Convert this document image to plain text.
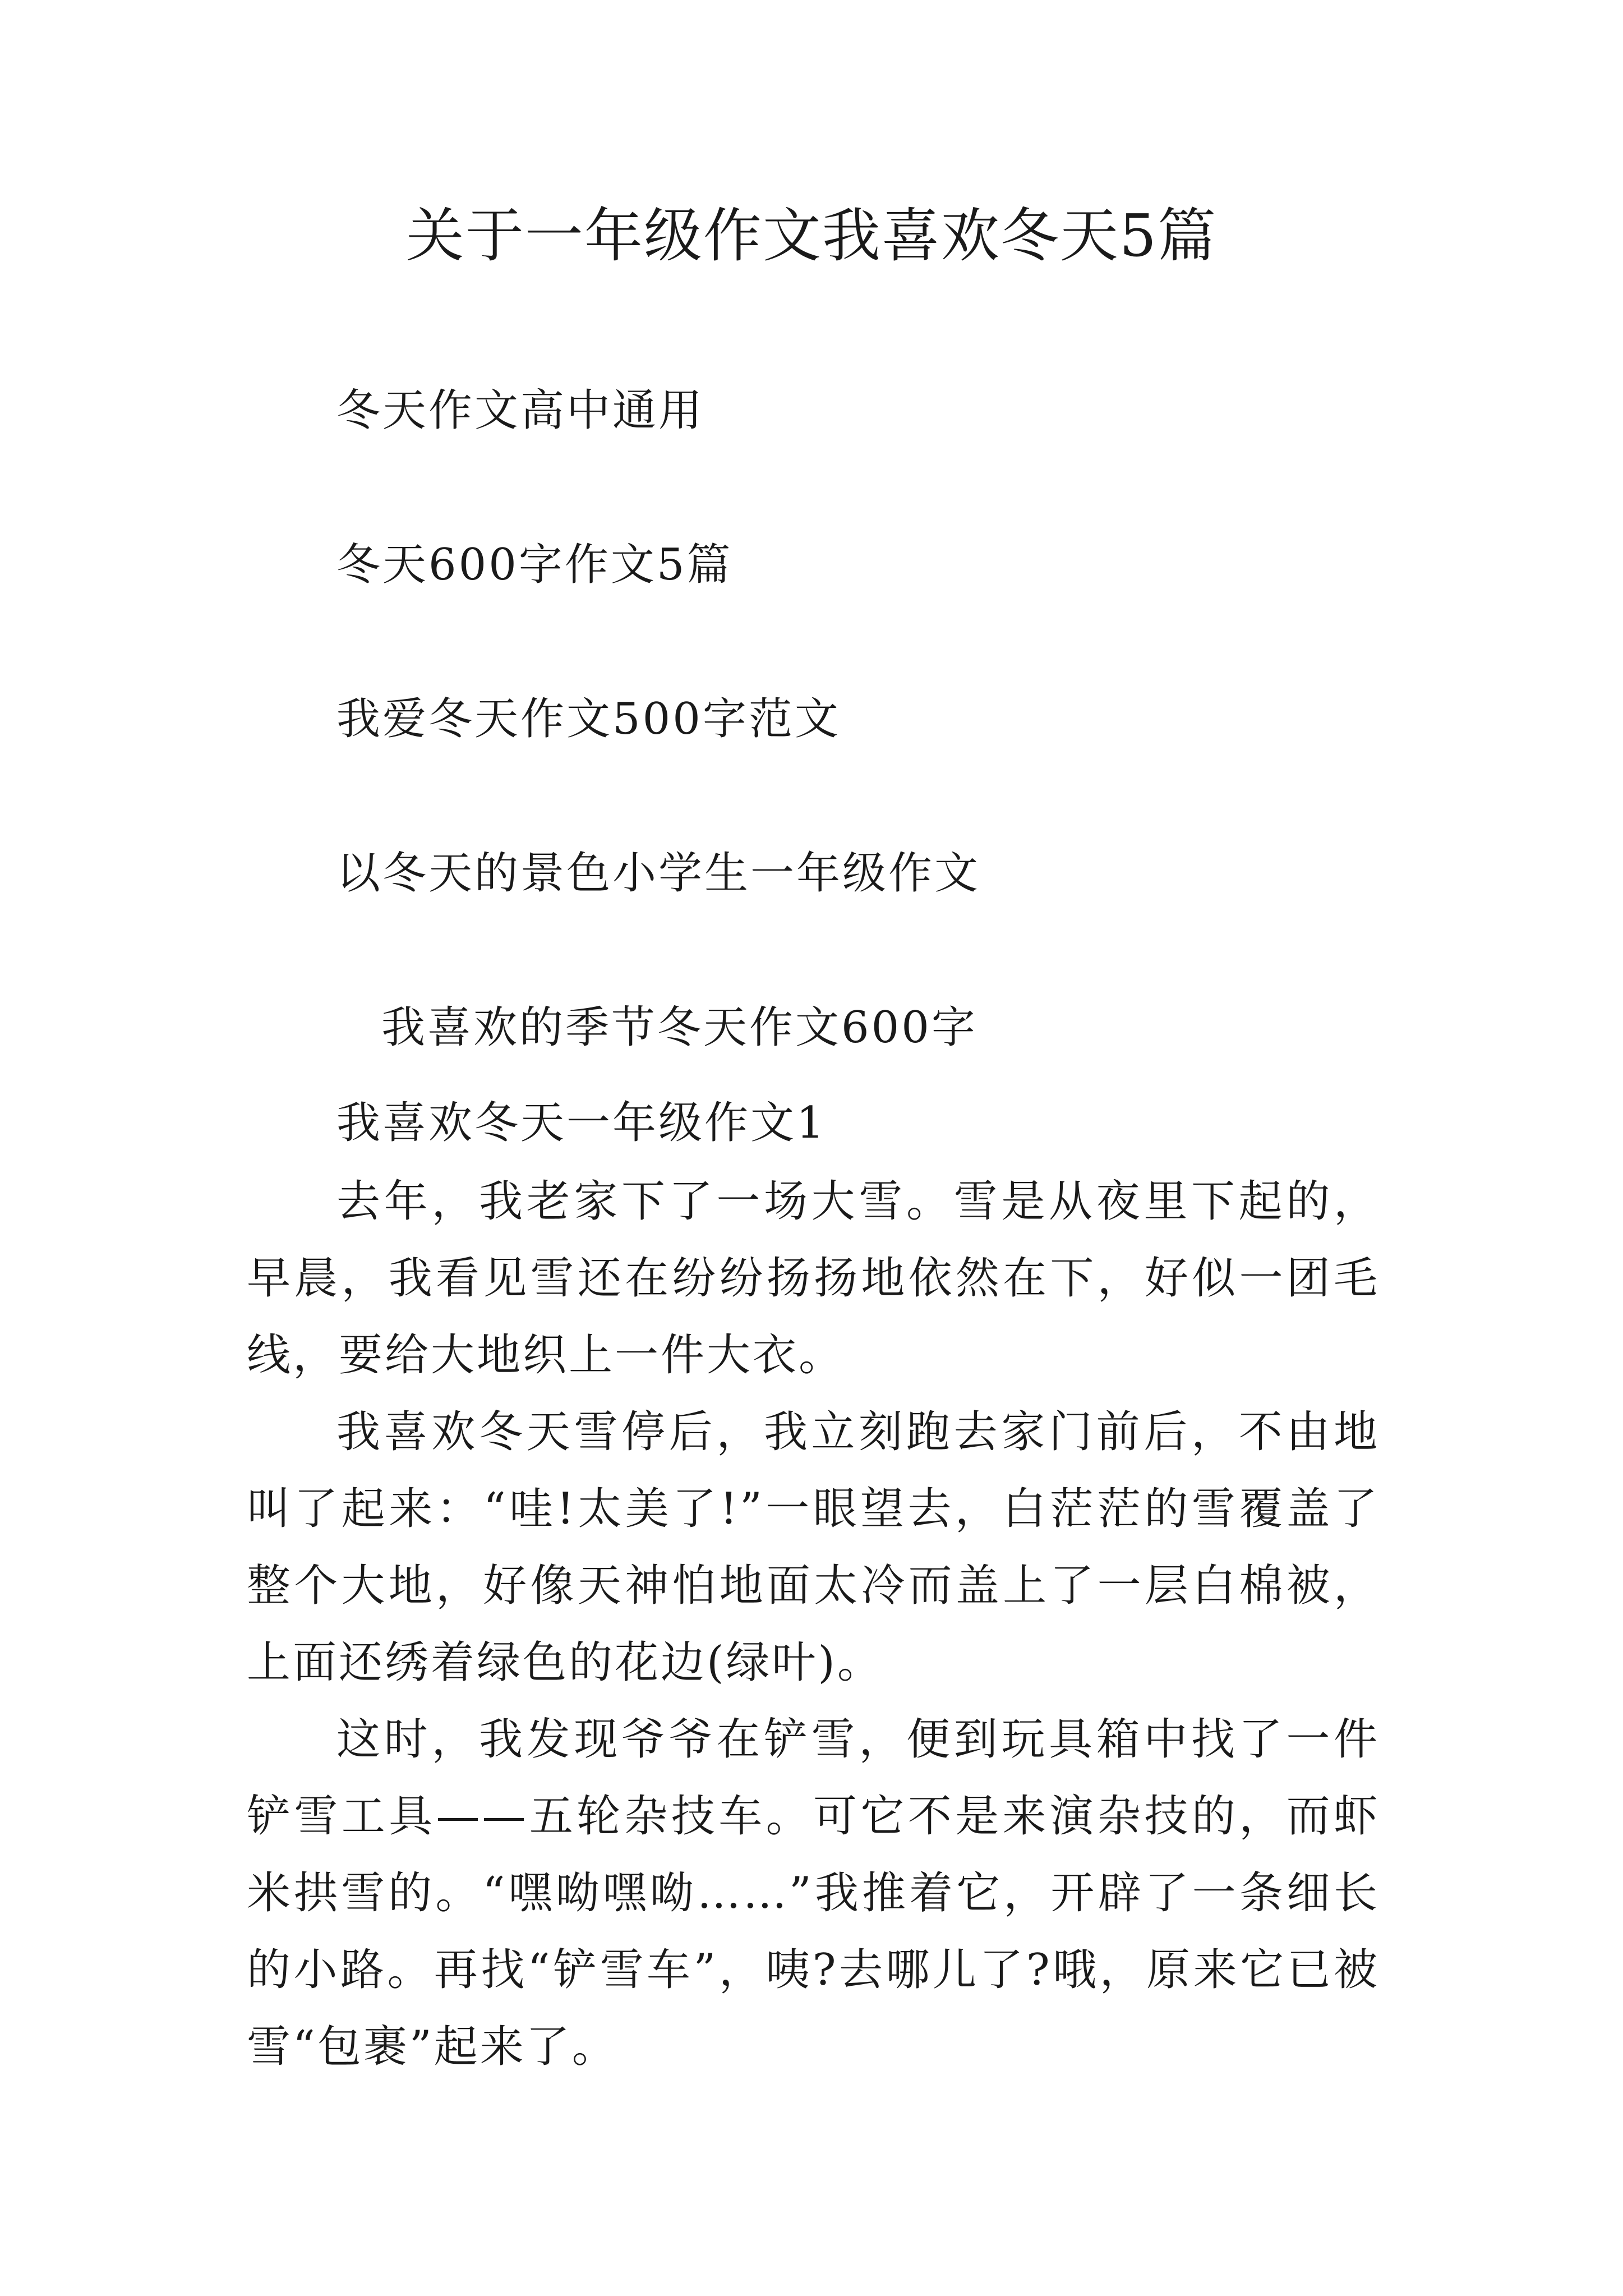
关于一年级作文我喜欢冬天5篇
冬天作文高中通用
冬天600字作文5篇
我爱冬天作文500字范文
以冬天的景色小学生一年级作文
我喜欢的季节冬天作文600字
我喜欢冬天一年级作文1

去年，我老家下了一场大雪。雪是从夜里下起的，早晨，我看见雪还在纷纷扬扬地依然在下，好似一团毛线，要给大地织上一件大衣。

我喜欢冬天雪停后，我立刻跑去家门前后，不由地叫了起来：“哇!太美了!”一眼望去，白茫茫的雪覆盖了整个大地，好像天神怕地面太冷而盖上了一层白棉被，上面还绣着绿色的花边(绿叶)。

这时，我发现爷爷在铲雪，便到玩具箱中找了一件铲雪工具——五轮杂技车。可它不是来演杂技的，而虾米拱雪的。“嘿呦嘿呦……”我推着它，开辟了一条细长的小路。再找“铲雪车”，咦?去哪儿了?哦，原来它已被雪“包裹”起来了。
